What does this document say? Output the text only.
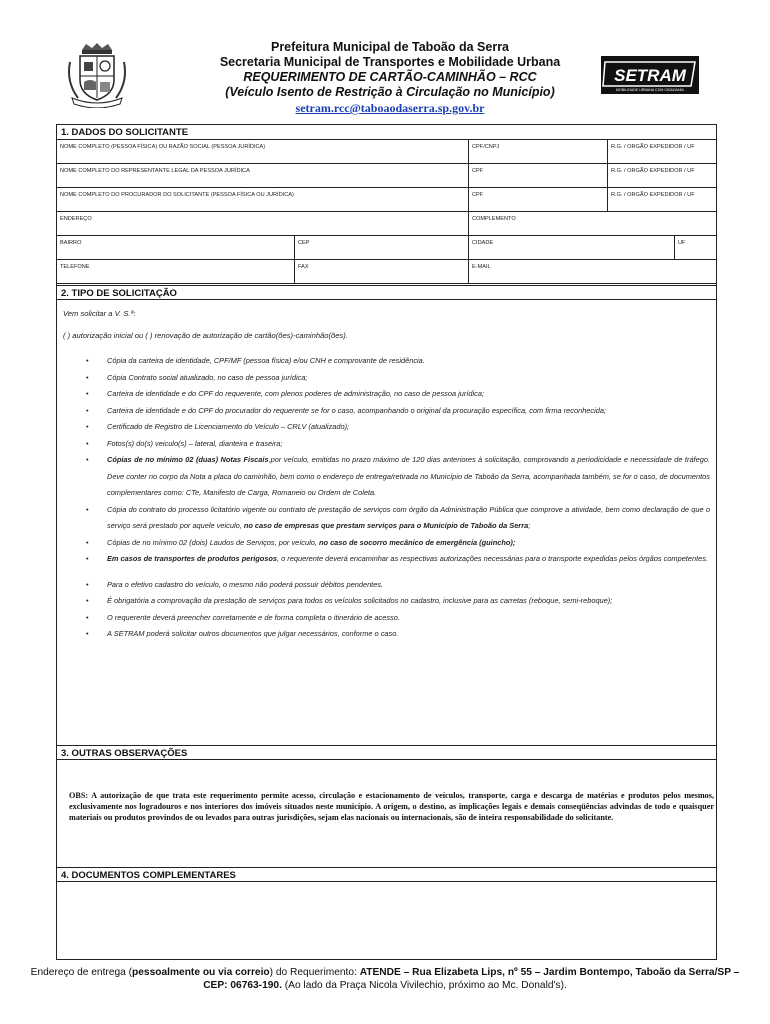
Prefeitura Municipal de Taboão da Serra
Secretaria Municipal de Transportes e Mobilidade Urbana
REQUERIMENTO DE CARTÃO-CAMINHÃO – RCC
(Veículo Isento de Restrição à Circulação no Município)
setram.rcc@taboaodaserra.sp.gov.br
SETRAM
MOBILIDADE URBANA COM CIDADANIA
1. DADOS DO SOLICITANTE
NOME COMPLETO (PESSOA FÍSICA) OU RAZÃO SOCIAL (PESSOA JURÍDICA)	CPF/CNPJ	R.G. / ORGÃO EXPEDIDOR / UF
NOME COMPLETO DO REPRESENTANTE LEGAL DA PESSOA JURÍDICA	CPF	R.G. / ORGÃO EXPEDIDOR / UF
NOME COMPLETO DO PROCURADOR DO SOLICITANTE (PESSOA FÍSICA OU JURÍDICA)	CPF	R.G. / ORGÃO EXPEDIDOR / UF
ENDEREÇO	COMPLEMENTO
BAIRRO	CEP	CIDADE	UF
TELEFONE	FAX	E-MAIL
2. TIPO DE SOLICITAÇÃO
Vem solicitar a V. S.ª:
( ) autorização inicial ou ( ) renovação de autorização de cartão(ões)-caminhão(ões).
• Cópia da carteira de identidade, CPF/MF (pessoa física) e/ou CNH e comprovante de residência.
• Cópia Contrato social atualizado, no caso de pessoa jurídica;
• Carteira de identidade e do CPF do requerente, com plenos poderes de administração, no caso de pessoa jurídica;
• Carteira de identidade e do CPF do procurador do requerente se for o caso, acompanhando o original da procuração específica, com firma reconhecida;
• Certificado de Registro de Licenciamento do Veículo – CRLV (atualizado);
• Fotos(s) do(s) veiculo(s) – lateral, dianteira e traseira;
• Cópias de no mínimo 02 (duas) Notas Fiscais,por veículo, emitidas no prazo máximo de 120 dias anteriores à solicitação, comprovando a periodicidade e necessidade de tráfego. Deve conter no corpo da Nota a placa do caminhão, bem como o endereço de entrega/retirada no Município de Taboão da Serra, acompanhada também, se for o caso, de documentos complementares como: CTe, Manifesto de Carga, Romaneio ou Ordem de Coleta.
• Cópia do contrato do processo licitatório vigente ou contrato de prestação de serviços com órgão da Administração Pública que comprove a atividade, bem como declaração de que o serviço será prestado por aquele veiculo, no caso de empresas que prestam serviços para o Município de Taboão da Serra;
• Cópias de no mínimo 02 (dois) Laudos de Serviços, por veículo, no caso de socorro mecânico de emergência (guincho);
• Em casos de transportes de produtos perigosos, o requerente deverá encaminhar as respectivas autorizações necessárias para o transporte expedidas pelos órgãos competentes.
• Para o efetivo cadastro do veículo, o mesmo não poderá possuir débitos pendentes.
• É obrigatória a comprovação da prestação de serviços para todos os veículos solicitados no cadastro, inclusive para as carretas (reboque, semi-reboque);
• O requerente deverá preencher corretamente e de forma completa o itinerário de acesso.
• A SETRAM poderá solicitar outros documentos que julgar necessários, conforme o caso.
3. OUTRAS OBSERVAÇÕES
OBS: A autorização de que trata este requerimento permite acesso, circulação e estacionamento de veículos, transporte, carga e descarga de matérias e produtos pelos mesmos, exclusivamente nos logradouros e nos interiores dos imóveis situados neste município. A origem, o destino, as implicações legais e demais conseqüências advindas de todo e quaisquer materiais ou produtos provindos de ou levados para outras jurisdições, sejam elas nacionais ou internacionais, são de inteira responsabilidade do solicitante.
4. DOCUMENTOS COMPLEMENTARES
Endereço de entrega (pessoalmente ou via correio) do Requerimento: ATENDE – Rua Elizabeta Lips, nº 55 – Jardim Bontempo, Taboão da Serra/SP – CEP: 06763-190. (Ao lado da Praça Nicola Vivilechio, próximo ao Mc. Donald's).
